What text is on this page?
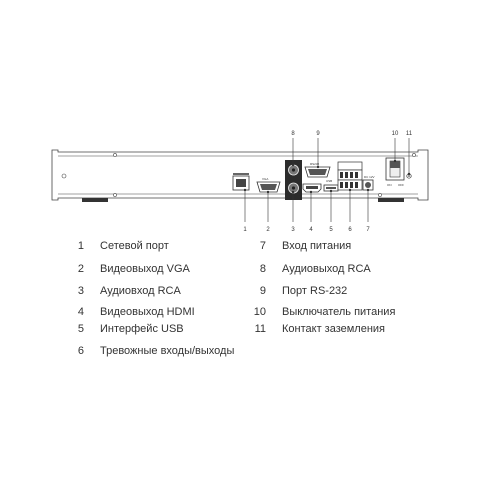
VGA
RS232
USB
DC 12V
ON OFF
1	2	3 4	5	6 7
8	9	10 11
1 Сетевой порт
2 Видеовыход VGA
3 Аудиовход RCA
4 Видеовыход HDMI
5 Интерфейс USB
6 Тревожные входы/выходы
7 Вход питания
8 Аудиовыход RCA
9 Порт RS-232
10 Выключатель питания
11 Контакт заземления
